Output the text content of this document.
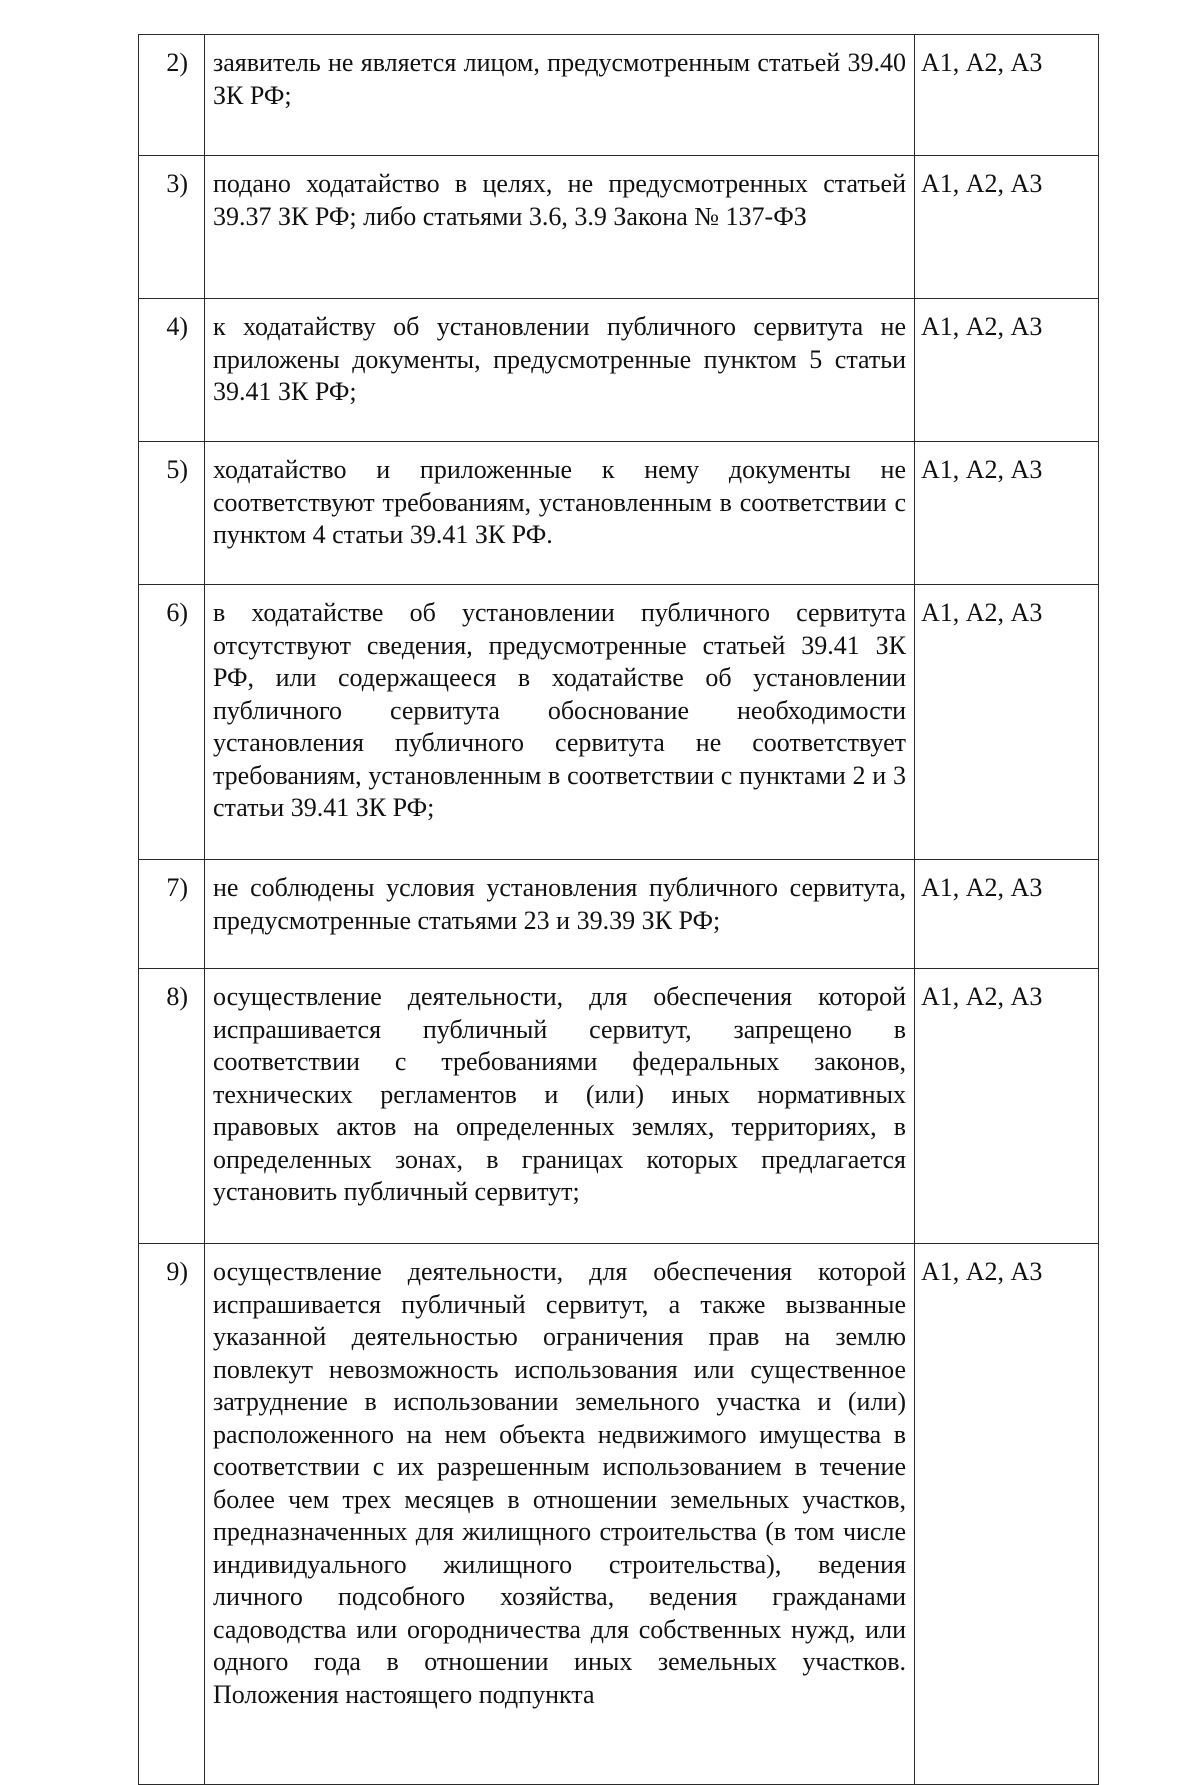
2)	заявитель не является лицом, предусмотренным статьей 39.40 ЗК РФ;	А1, А2, А3
3)	подано ходатайство в целях, не предусмотренных статьей 39.37 ЗК РФ; либо статьями 3.6, 3.9 Закона № 137-ФЗ	А1, А2, А3
4)	к ходатайству об установлении публичного сервитута не приложены документы, предусмотренные пунктом 5 статьи 39.41 ЗК РФ;	А1, А2, А3
5)	ходатайство и приложенные к нему документы не соответствуют требованиям, установленным в соответствии с пунктом 4 статьи 39.41 ЗК РФ.	А1, А2, А3
6)	в ходатайстве об установлении публичного сервитута отсутствуют сведения, предусмотренные статьей 39.41 ЗК РФ, или содержащееся в ходатайстве об установлении публичного сервитута обоснование необходимости установления публичного сервитута не соответствует требованиям, установленным в соответствии с пунктами 2 и 3 статьи 39.41 ЗК РФ;	А1, А2, А3
7)	не соблюдены условия установления публичного сервитута, предусмотренные статьями 23 и 39.39 ЗК РФ;	А1, А2, А3
8)	осуществление деятельности, для обеспечения которой испрашивается публичный сервитут, запрещено в соответствии с требованиями федеральных законов, технических регламентов и (или) иных нормативных правовых актов на определенных землях, территориях, в определенных зонах, в границах которых предлагается установить публичный сервитут;	А1, А2, А3
9)	осуществление деятельности, для обеспечения которой испрашивается публичный сервитут, а также вызванные указанной деятельностью ограничения прав на землю повлекут невозможность использования или существенное затруднение в использовании земельного участка и (или) расположенного на нем объекта недвижимого имущества в соответствии с их разрешенным использованием в течение более чем трех месяцев в отношении земельных участков, предназначенных для жилищного строительства (в том числе индивидуального жилищного строительства), ведения личного подсобного хозяйства, ведения гражданами садоводства или огородничества для собственных нужд, или одного года в отношении иных земельных участков. Положения настоящего подпункта	А1, А2, А3
